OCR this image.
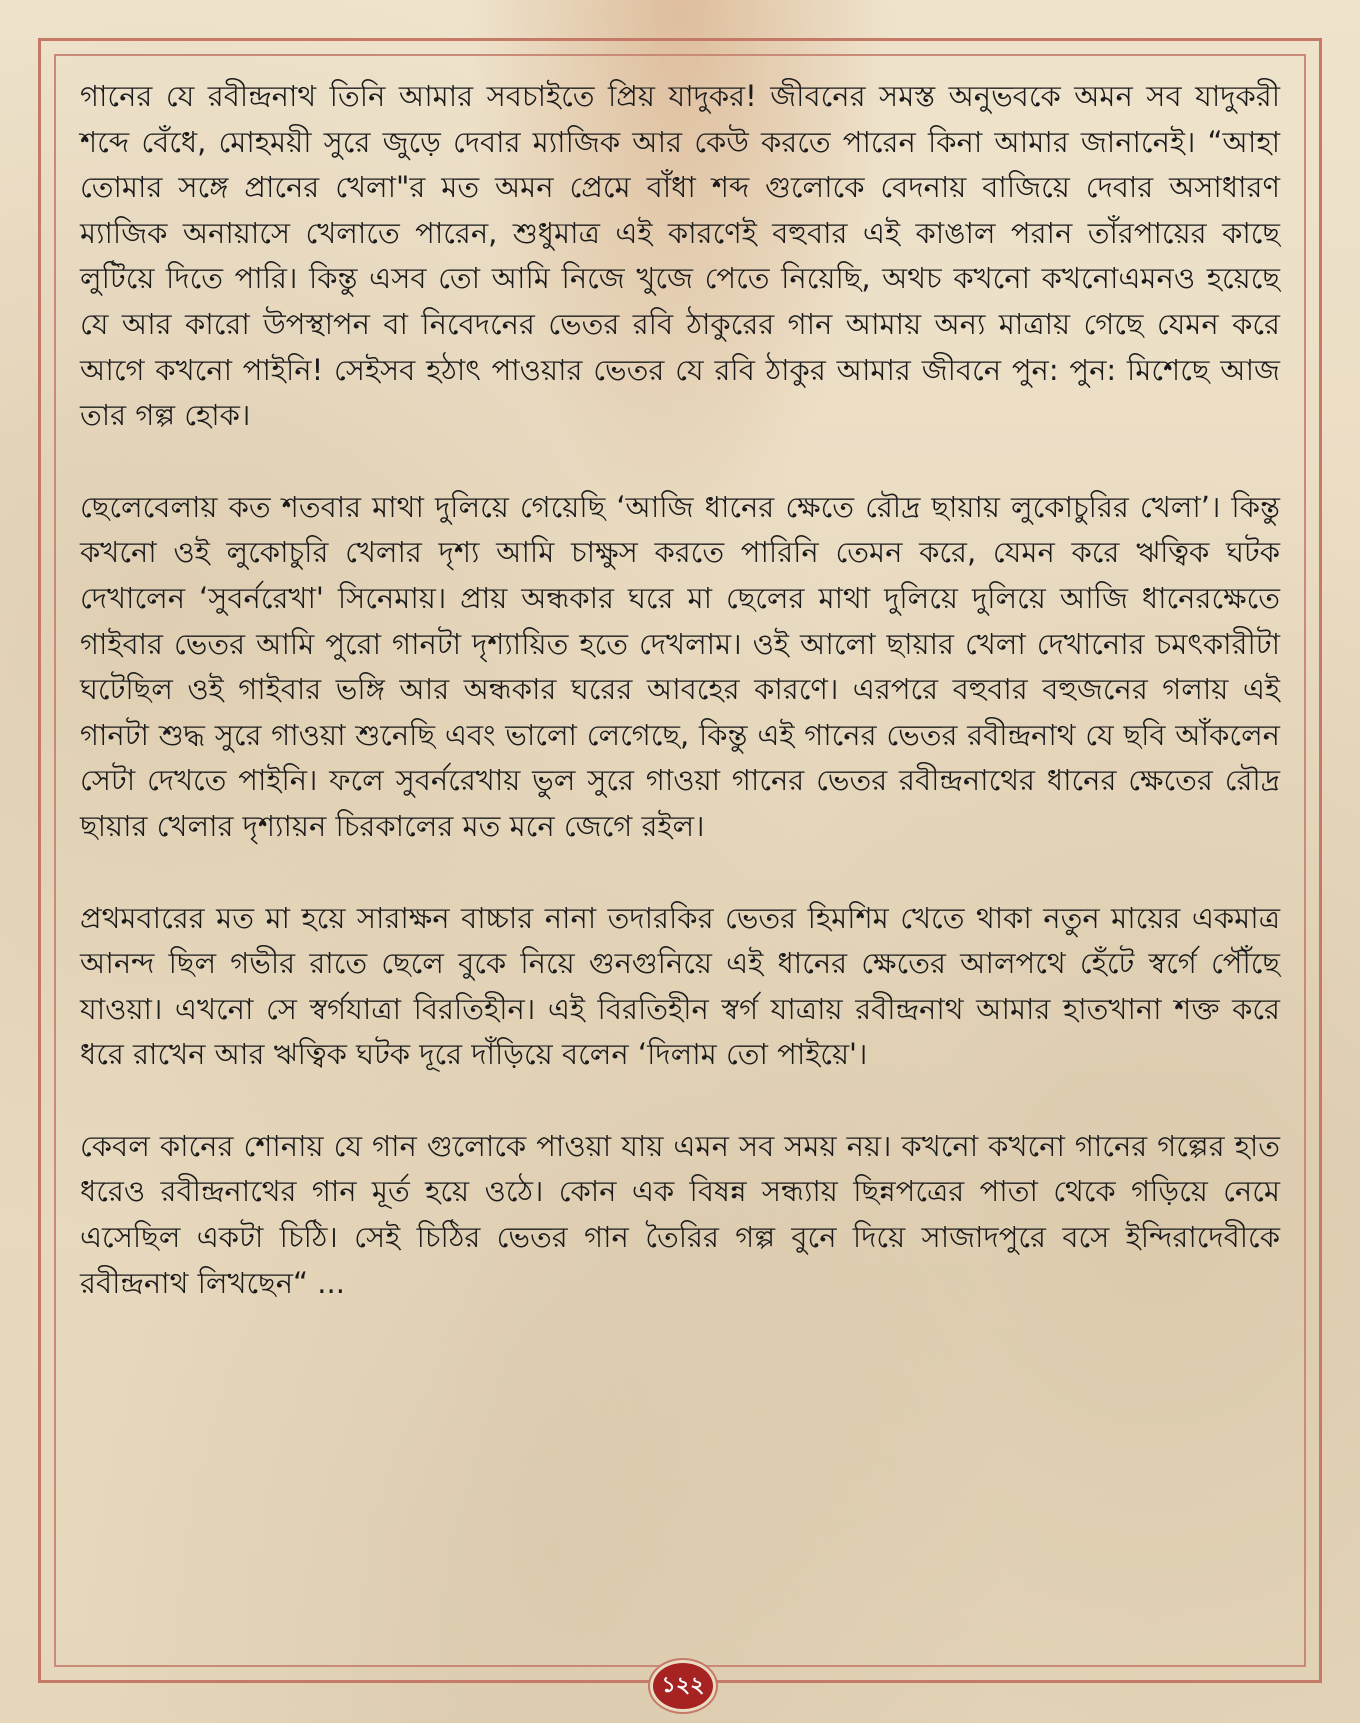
গানের যে রবীন্দ্রনাথ তিনি আমার সবচাইতে প্রিয় যাদুকর! জীবনের সমস্ত অনুভবকে অমন সব যাদুকরী শব্দে বেঁধে, মোহময়ী সুরে জুড়ে দেবার ম্যাজিক আর কেউ করতে পারেন কিনা আমার জানানেই। “আহা তোমার সঙ্গে প্রানের খেলা"র মত অমন প্রেমে বাঁধা শব্দ গুলোকে বেদনায় বাজিয়ে দেবার অসাধারণ ম্যাজিক অনায়াসে খেলাতে পারেন, শুধুমাত্র এই কারণেই বহুবার এই কাঙাল পরান তাঁরপায়ের কাছে লুটিয়ে দিতে পারি। কিন্তু এসব তো আমি নিজে খুজে পেতে নিয়েছি, অথচ কখনো কখনোএমনও হয়েছে যে আর কারো উপস্থাপন বা নিবেদনের ভেতর রবি ঠাকুরের গান আমায় অন্য মাত্রায় গেছে যেমন করে আগে কখনো পাইনি! সেইসব হঠাৎ পাওয়ার ভেতর যে রবি ঠাকুর আমার জীবনে পুন: পুন: মিশেছে আজ তার গল্প হোক।

ছেলেবেলায় কত শতবার মাথা দুলিয়ে গেয়েছি ‘আজি ধানের ক্ষেতে রৌদ্র ছায়ায় লুকোচুরির খেলা’। কিন্তু কখনো ওই লুকোচুরি খেলার দৃশ্য আমি চাক্ষুস করতে পারিনি তেমন করে, যেমন করে ঋত্বিক ঘটক দেখালেন ‘সুবর্নরেখা' সিনেমায়। প্রায় অন্ধকার ঘরে মা ছেলের মাথা দুলিয়ে দুলিয়ে আজি ধানেরক্ষেতে গাইবার ভেতর আমি পুরো গানটা দৃশ্যায়িত হতে দেখলাম। ওই আলো ছায়ার খেলা দেখানোর চমৎকারীটা ঘটেছিল ওই গাইবার ভঙ্গি আর অন্ধকার ঘরের আবহের কারণে। এরপরে বহুবার বহুজনের গলায় এই গানটা শুদ্ধ সুরে গাওয়া শুনেছি এবং ভালো লেগেছে, কিন্তু এই গানের ভেতর রবীন্দ্রনাথ যে ছবি আঁকলেন সেটা দেখতে পাইনি। ফলে সুবর্নরেখায় ভুল সুরে গাওয়া গানের ভেতর রবীন্দ্রনাথের ধানের ক্ষেতের রৌদ্র ছায়ার খেলার দৃশ্যায়ন চিরকালের মত মনে জেগে রইল।

প্রথমবারের মত মা হয়ে সারাক্ষন বাচ্চার নানা তদারকির ভেতর হিমশিম খেতে থাকা নতুন মায়ের একমাত্র আনন্দ ছিল গভীর রাতে ছেলে বুকে নিয়ে গুনগুনিয়ে এই ধানের ক্ষেতের আলপথে হেঁটে স্বর্গে পৌঁছে যাওয়া। এখনো সে স্বর্গযাত্রা বিরতিহীন। এই বিরতিহীন স্বর্গ যাত্রায় রবীন্দ্রনাথ আমার হাতখানা শক্ত করে ধরে রাখেন আর ঋত্বিক ঘটক দূরে দাঁড়িয়ে বলেন ‘দিলাম তো পাইয়ে'।

কেবল কানের শোনায় যে গান গুলোকে পাওয়া যায় এমন সব সময় নয়। কখনো কখনো গানের গল্পের হাত ধরেও রবীন্দ্রনাথের গান মূর্ত হয়ে ওঠে। কোন এক বিষন্ন সন্ধ্যায় ছিন্নপত্রের পাতা থেকে গড়িয়ে নেমে এসেছিল একটা চিঠি। সেই চিঠির ভেতর গান তৈরির গল্প বুনে দিয়ে সাজাদপুরে বসে ইন্দিরাদেবীকে রবীন্দ্রনাথ লিখছেন“ ...

১২২
